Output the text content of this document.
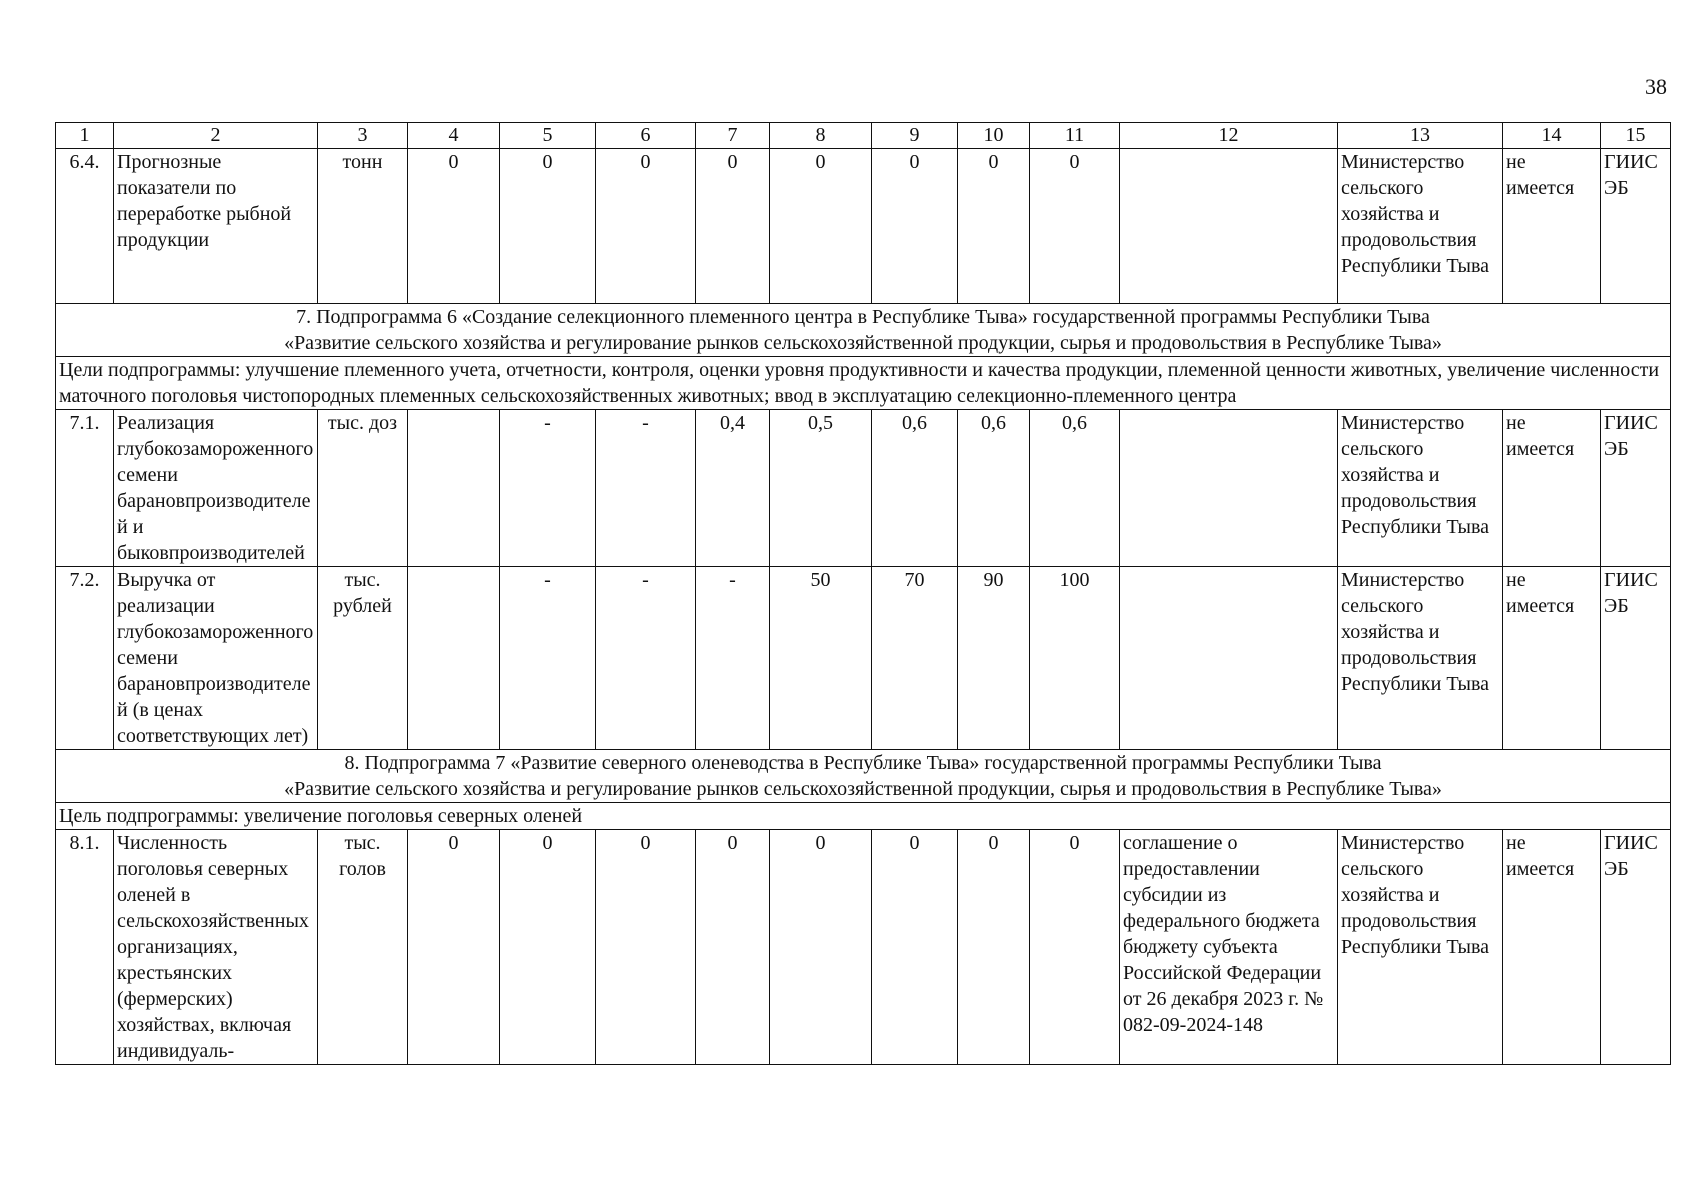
38
1	2	3	4	5	6	7	8	9	10	11	12	13	14	15
6.4.	Прогнозные показатели по переработке рыбной продукции	тонн	0	0	0	0	0	0	0	0		Министерство сельского хозяйства и продовольствия Республики Тыва	не имеется	ГИИС ЭБ

7. Подпрограмма 6 «Создание селекционного племенного центра в Республике Тыва» государственной программы Республики Тыва
«Развитие сельского хозяйства и регулирование рынков сельскохозяйственной продукции, сырья и продовольствия в Республике Тыва»														

Цели подпрограммы: улучшение племенного учета, отчетности, контроля, оценки уровня продуктивности и качества продукции, племенной ценности животных, увеличение численности маточного поголовья чистопородных племенных сельскохозяйственных животных; ввод в эксплуатацию селекционно-племенного центра														
7.1.	Реализация глубокозамороженного семени барановпроизводителей и быковпроизводителей	тыс. доз		-	-	0,4	0,5	0,6	0,6	0,6		Министерство сельского хозяйства и продовольствия Республики Тыва	не имеется	ГИИС ЭБ
7.2.	Выручка от реализации глубокозамороженного семени барановпроизводителей (в ценах соответствующих лет)	тыс. рублей		-	-	-	50	70	90	100		Министерство сельского хозяйства и продовольствия Республики Тыва	не имеется	ГИИС ЭБ

8. Подпрограмма 7 «Развитие северного оленеводства в Республике Тыва» государственной программы Республики Тыва
«Развитие сельского хозяйства и регулирование рынков сельскохозяйственной продукции, сырья и продовольствия в Республике Тыва»														

Цель подпрограммы: увеличение поголовья северных оленей														
8.1.	Численность поголовья северных оленей в сельскохозяйственных организациях, крестьянских (фермерских) хозяйствах, включая индивидуаль-	тыс. голов	0	0	0	0	0	0	0	0	соглашение о предоставлении субсидии из федерального бюджета бюджету субъекта Российской Федерации от 26 декабря 2023 г. № 082-09-2024-148	Министерство сельского хозяйства и продовольствия Республики Тыва	не имеется	ГИИС ЭБ
